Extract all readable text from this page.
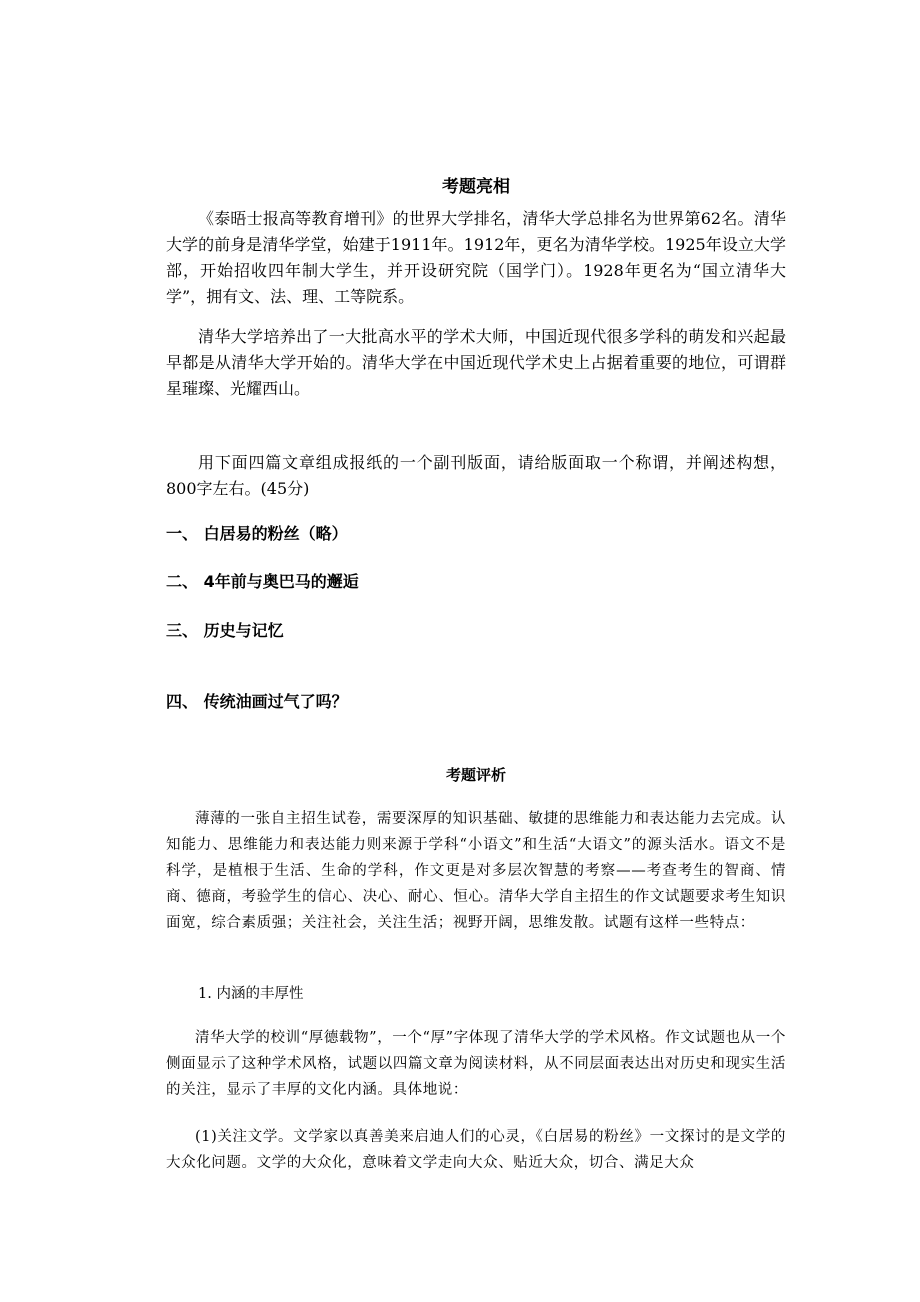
考题亮相

《泰晤士报高等教育增刊》的世界大学排名，清华大学总排名为世界第62名。清华大学的前身是清华学堂，始建于1911年。1912年，更名为清华学校。1925年设立大学部，开始招收四年制大学生，并开设研究院（国学门）。1928年更名为“国立清华大学”，拥有文、法、理、工等院系。

清华大学培养出了一大批高水平的学术大师，中国近现代很多学科的萌发和兴起最早都是从清华大学开始的。清华大学在中国近现代学术史上占据着重要的地位，可谓群星璀璨、光耀西山。

用下面四篇文章组成报纸的一个副刊版面，请给版面取一个称谓，并阐述构想，800字左右。(45分)

一、 白居易的粉丝（略）

二、 4年前与奥巴马的邂逅

三、 历史与记忆

四、 传统油画过气了吗？

考题评析

薄薄的一张自主招生试卷，需要深厚的知识基础、敏捷的思维能力和表达能力去完成。认知能力、思维能力和表达能力则来源于学科“小语文”和生活“大语文”的源头活水。语文不是科学，是植根于生活、生命的学科，作文更是对多层次智慧的考察——考查考生的智商、情商、德商，考验学生的信心、决心、耐心、恒心。清华大学自主招生的作文试题要求考生知识面宽，综合素质强；关注社会，关注生活；视野开阔，思维发散。试题有这样一些特点：

1. 内涵的丰厚性

清华大学的校训“厚德载物”，一个“厚”字体现了清华大学的学术风格。作文试题也从一个侧面显示了这种学术风格，试题以四篇文章为阅读材料，从不同层面表达出对历史和现实生活的关注，显示了丰厚的文化内涵。具体地说：

(1)关注文学。文学家以真善美来启迪人们的心灵，《白居易的粉丝》一文探讨的是文学的大众化问题。文学的大众化，意味着文学走向大众、贴近大众，切合、满足大众
